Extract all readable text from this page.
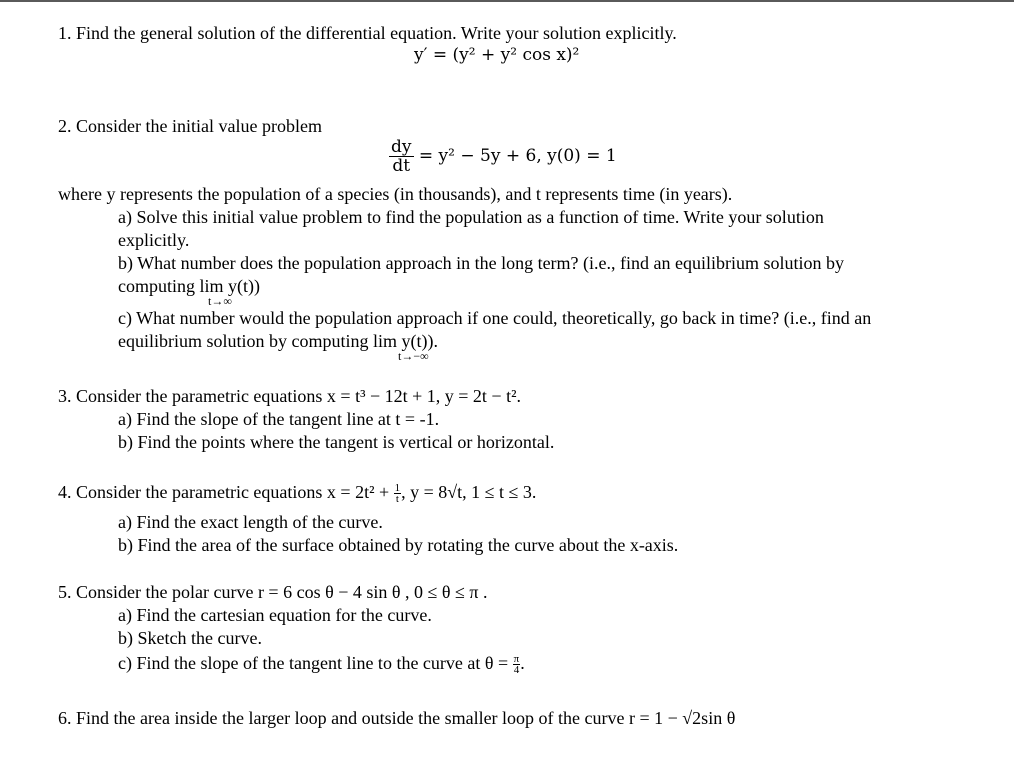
1. Find the general solution of the differential equation. Write your solution explicitly.
y′ = (y² + y² cos x)²
2. Consider the initial value problem
$\frac{dy}{dt} = y^2 - 5y + 6$, y(0) = 1
where y represents the population of a species (in thousands), and t represents time (in years).
a) Solve this initial value problem to find the population as a function of time. Write your solution
explicitly.
b) What number does the population approach in the long term? (i.e., find an equilibrium solution by
computing lim y(t))
t→∞
c) What number would the population approach if one could, theoretically, go back in time? (i.e., find an
equilibrium solution by computing lim y(t)).
t→−∞
3. Consider the parametric equations x = t³ − 12t + 1, y = 2t − t².
a) Find the slope of the tangent line at t = -1.
b) Find the points where the tangent is vertical or horizontal.
4. Consider the parametric equations $x = 2t^2 + \frac{1}{t}$ , y = 8√t, 1 ≤ t ≤ 3.
a) Find the exact length of the curve.
b) Find the area of the surface obtained by rotating the curve about the x-axis.
5. Consider the polar curve r = 6 cos θ − 4 sin θ , 0 ≤ θ ≤ π .
a) Find the cartesian equation for the curve.
b) Sketch the curve.
c) Find the slope of the tangent line to the curve at $\theta = \frac{\pi}{4}$ .
6. Find the area inside the larger loop and outside the smaller loop of the curve r = 1 − √2sin θ
